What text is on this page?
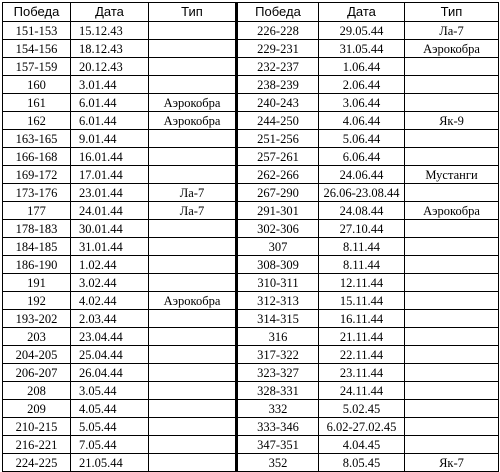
Победа	Дата	Тип	Победа	Дата	Тип
151-153	15.12.43		226-228	29.05.44	Ла-7
154-156	18.12.43		229-231	31.05.44	Аэрокобра
157-159	20.12.43		232-237	1.06.44	
160	3.01.44		238-239	2.06.44	
161	6.01.44	Аэрокобра	240-243	3.06.44	
162	6.01.44	Аэрокобра	244-250	4.06.44	Як-9
163-165	9.01.44		251-256	5.06.44	
166-168	16.01.44		257-261	6.06.44	
169-172	17.01.44		262-266	24.06.44	Мустанги
173-176	23.01.44	Ла-7	267-290	26.06-23.08.44	
177	24.01.44	Ла-7	291-301	24.08.44	Аэрокобра
178-183	30.01.44		302-306	27.10.44	
184-185	31.01.44		307	8.11.44	
186-190	1.02.44		308-309	8.11.44	
191	3.02.44		310-311	12.11.44	
192	4.02.44	Аэрокобра	312-313	15.11.44	
193-202	2.03.44		314-315	16.11.44	
203	23.04.44		316	21.11.44	
204-205	25.04.44		317-322	22.11.44	
206-207	26.04.44		323-327	23.11.44	
208	3.05.44		328-331	24.11.44	
209	4.05.44		332	5.02.45	
210-215	5.05.44		333-346	6.02-27.02.45	
216-221	7.05.44		347-351	4.04.45	
224-225	21.05.44		352	8.05.45	Як-7
